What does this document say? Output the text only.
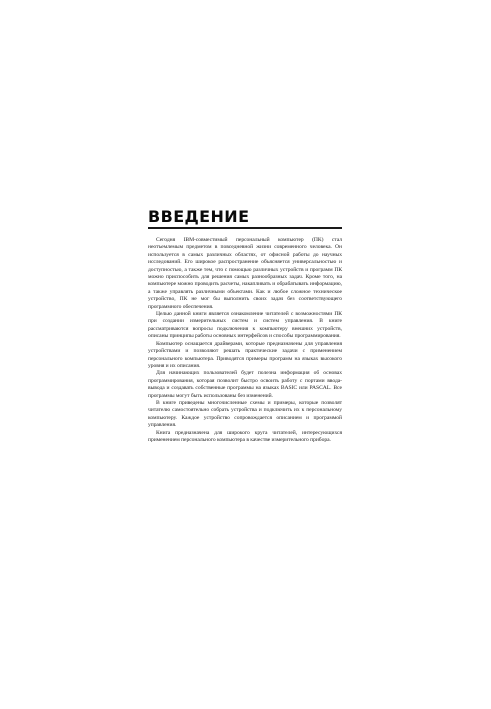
ВВЕДЕНИЕ

Сегодня IBM-совместимый персональный компьютер (ПК) стал неотъемлемым предметом в повседневной жизни современного человека. Он используется в самых различных областях, от офисной работы до научных исследований. Его широкое распространение объясняется универсальностью и доступностью, а также тем, что с помощью различных устройств и программ ПК можно приспособить для решения самых разнообразных задач. Кроме того, на компьютере можно проводить расчеты, накапливать и обрабатывать информацию, а также управлять различными объектами. Как и любое сложное техническое устройство, ПК не мог бы выполнить своих задач без соответствующего программного обеспечения.

Целью данной книги является ознакомление читателей с возможностями ПК при создании измерительных систем и систем управления. В книге рассматриваются вопросы подключения к компьютеру внешних устройств, описаны принципы работы основных интерфейсов и способы программирования.

Компьютер оснащается драйверами, которые предназначены для управления устройствами и позволяют решать практические задачи с применением персонального компьютера. Приводятся примеры программ на языках высокого уровня и их описания.

Для начинающих пользователей будет полезна информация об основах программирования, которая позволит быстро освоить работу с портами ввода-вывода и создавать собственные программы на языках BASIC или PASCAL. Все программы могут быть использованы без изменений.

В книге приведены многочисленные схемы и примеры, которые позволят читателю самостоятельно собрать устройства и подключить их к персональному компьютеру. Каждое устройство сопровождается описанием и программой управления.

Книга предназначена для широкого круга читателей, интересующихся применением персонального компьютера в качестве измерительного прибора.
